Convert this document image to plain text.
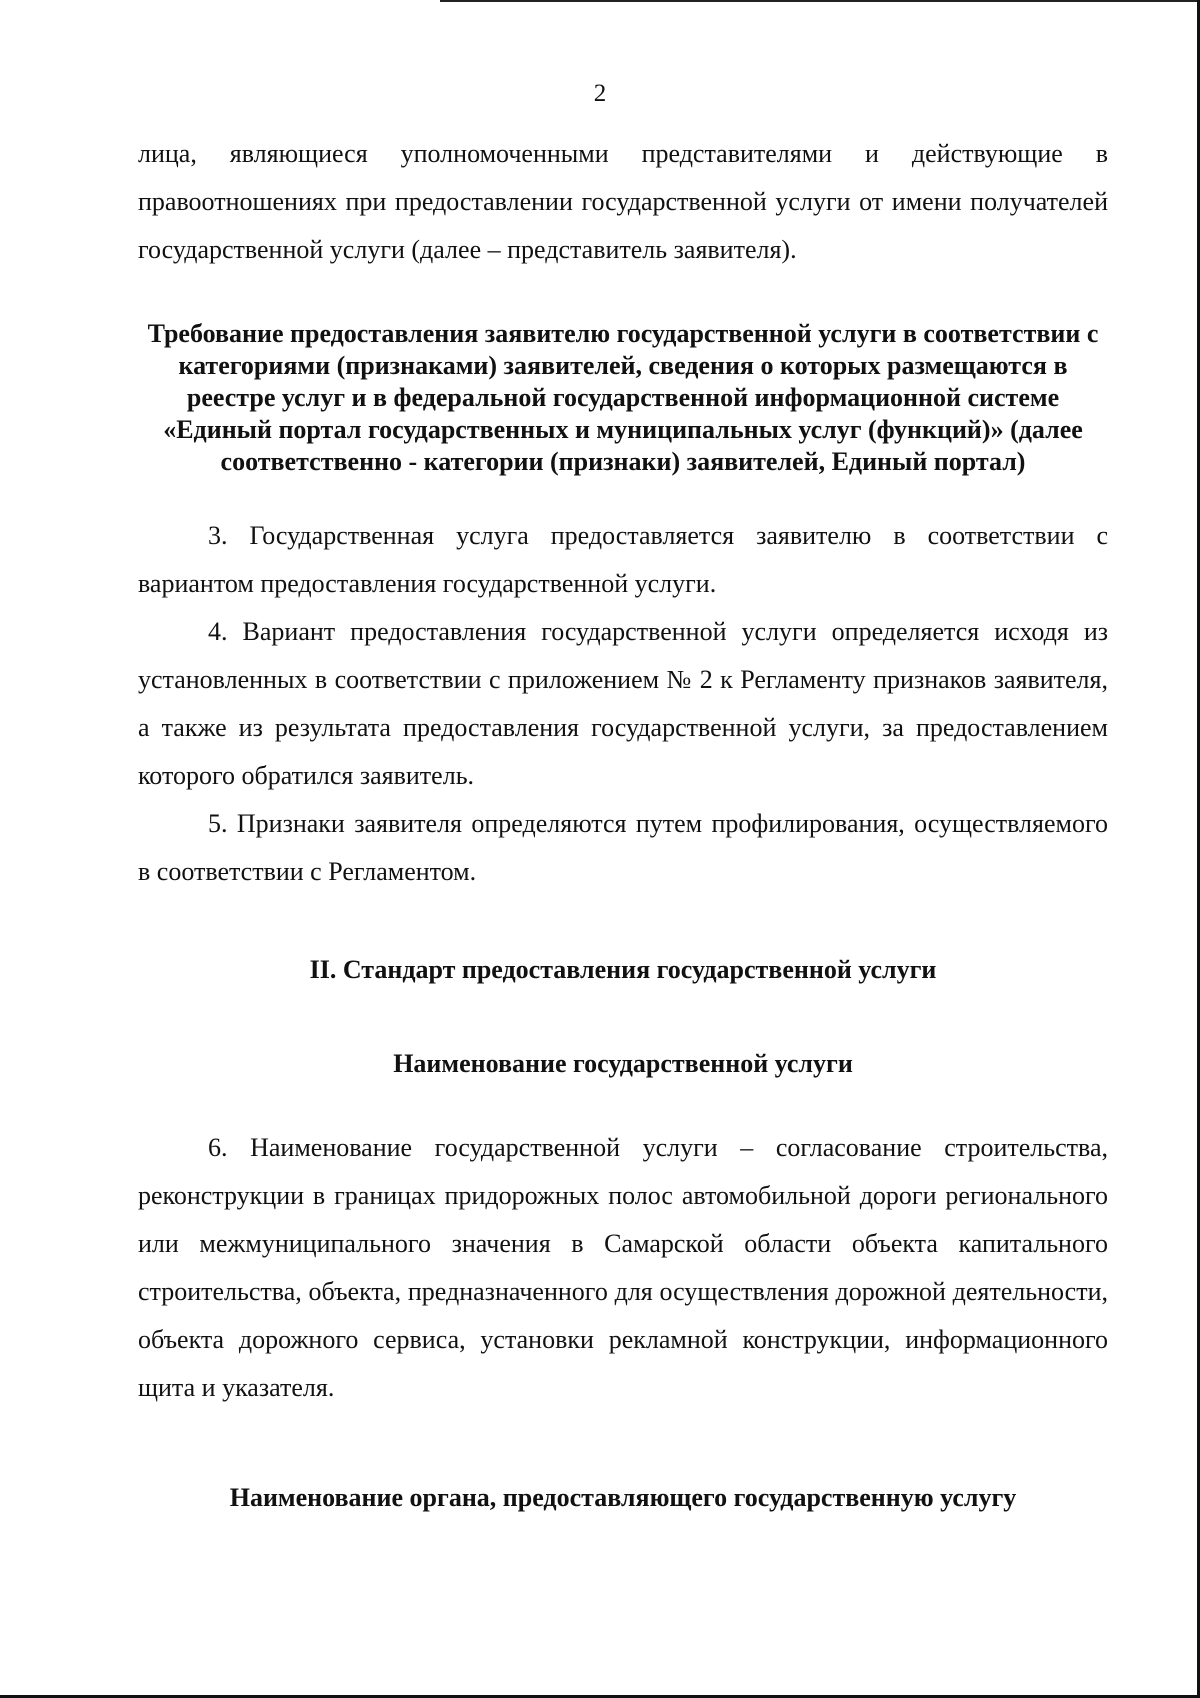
2

лица, являющиеся уполномоченными представителями и действующие в правоотношениях при предоставлении государственной услуги от имени получателей государственной услуги (далее – представитель заявителя).

Требование предоставления заявителю государственной услуги в соответствии с категориями (признаками) заявителей, сведения о которых размещаются в реестре услуг и в федеральной государственной информационной системе «Единый портал государственных и муниципальных услуг (функций)» (далее соответственно - категории (признаки) заявителей, Единый портал)

3. Государственная услуга предоставляется заявителю в соответствии с вариантом предоставления государственной услуги.

4. Вариант предоставления государственной услуги определяется исходя из установленных в соответствии с приложением № 2 к Регламенту признаков заявителя, а также из результата предоставления государственной услуги, за предоставлением которого обратился заявитель.

5. Признаки заявителя определяются путем профилирования, осуществляемого в соответствии с Регламентом.

II. Стандарт предоставления государственной услуги

Наименование государственной услуги

6. Наименование государственной услуги – согласование строительства, реконструкции в границах придорожных полос автомобильной дороги регионального или межмуниципального значения в Самарской области объекта капитального строительства, объекта, предназначенного для осуществления дорожной деятельности, объекта дорожного сервиса, установки рекламной конструкции, информационного щита и указателя.

Наименование органа, предоставляющего государственную услугу
